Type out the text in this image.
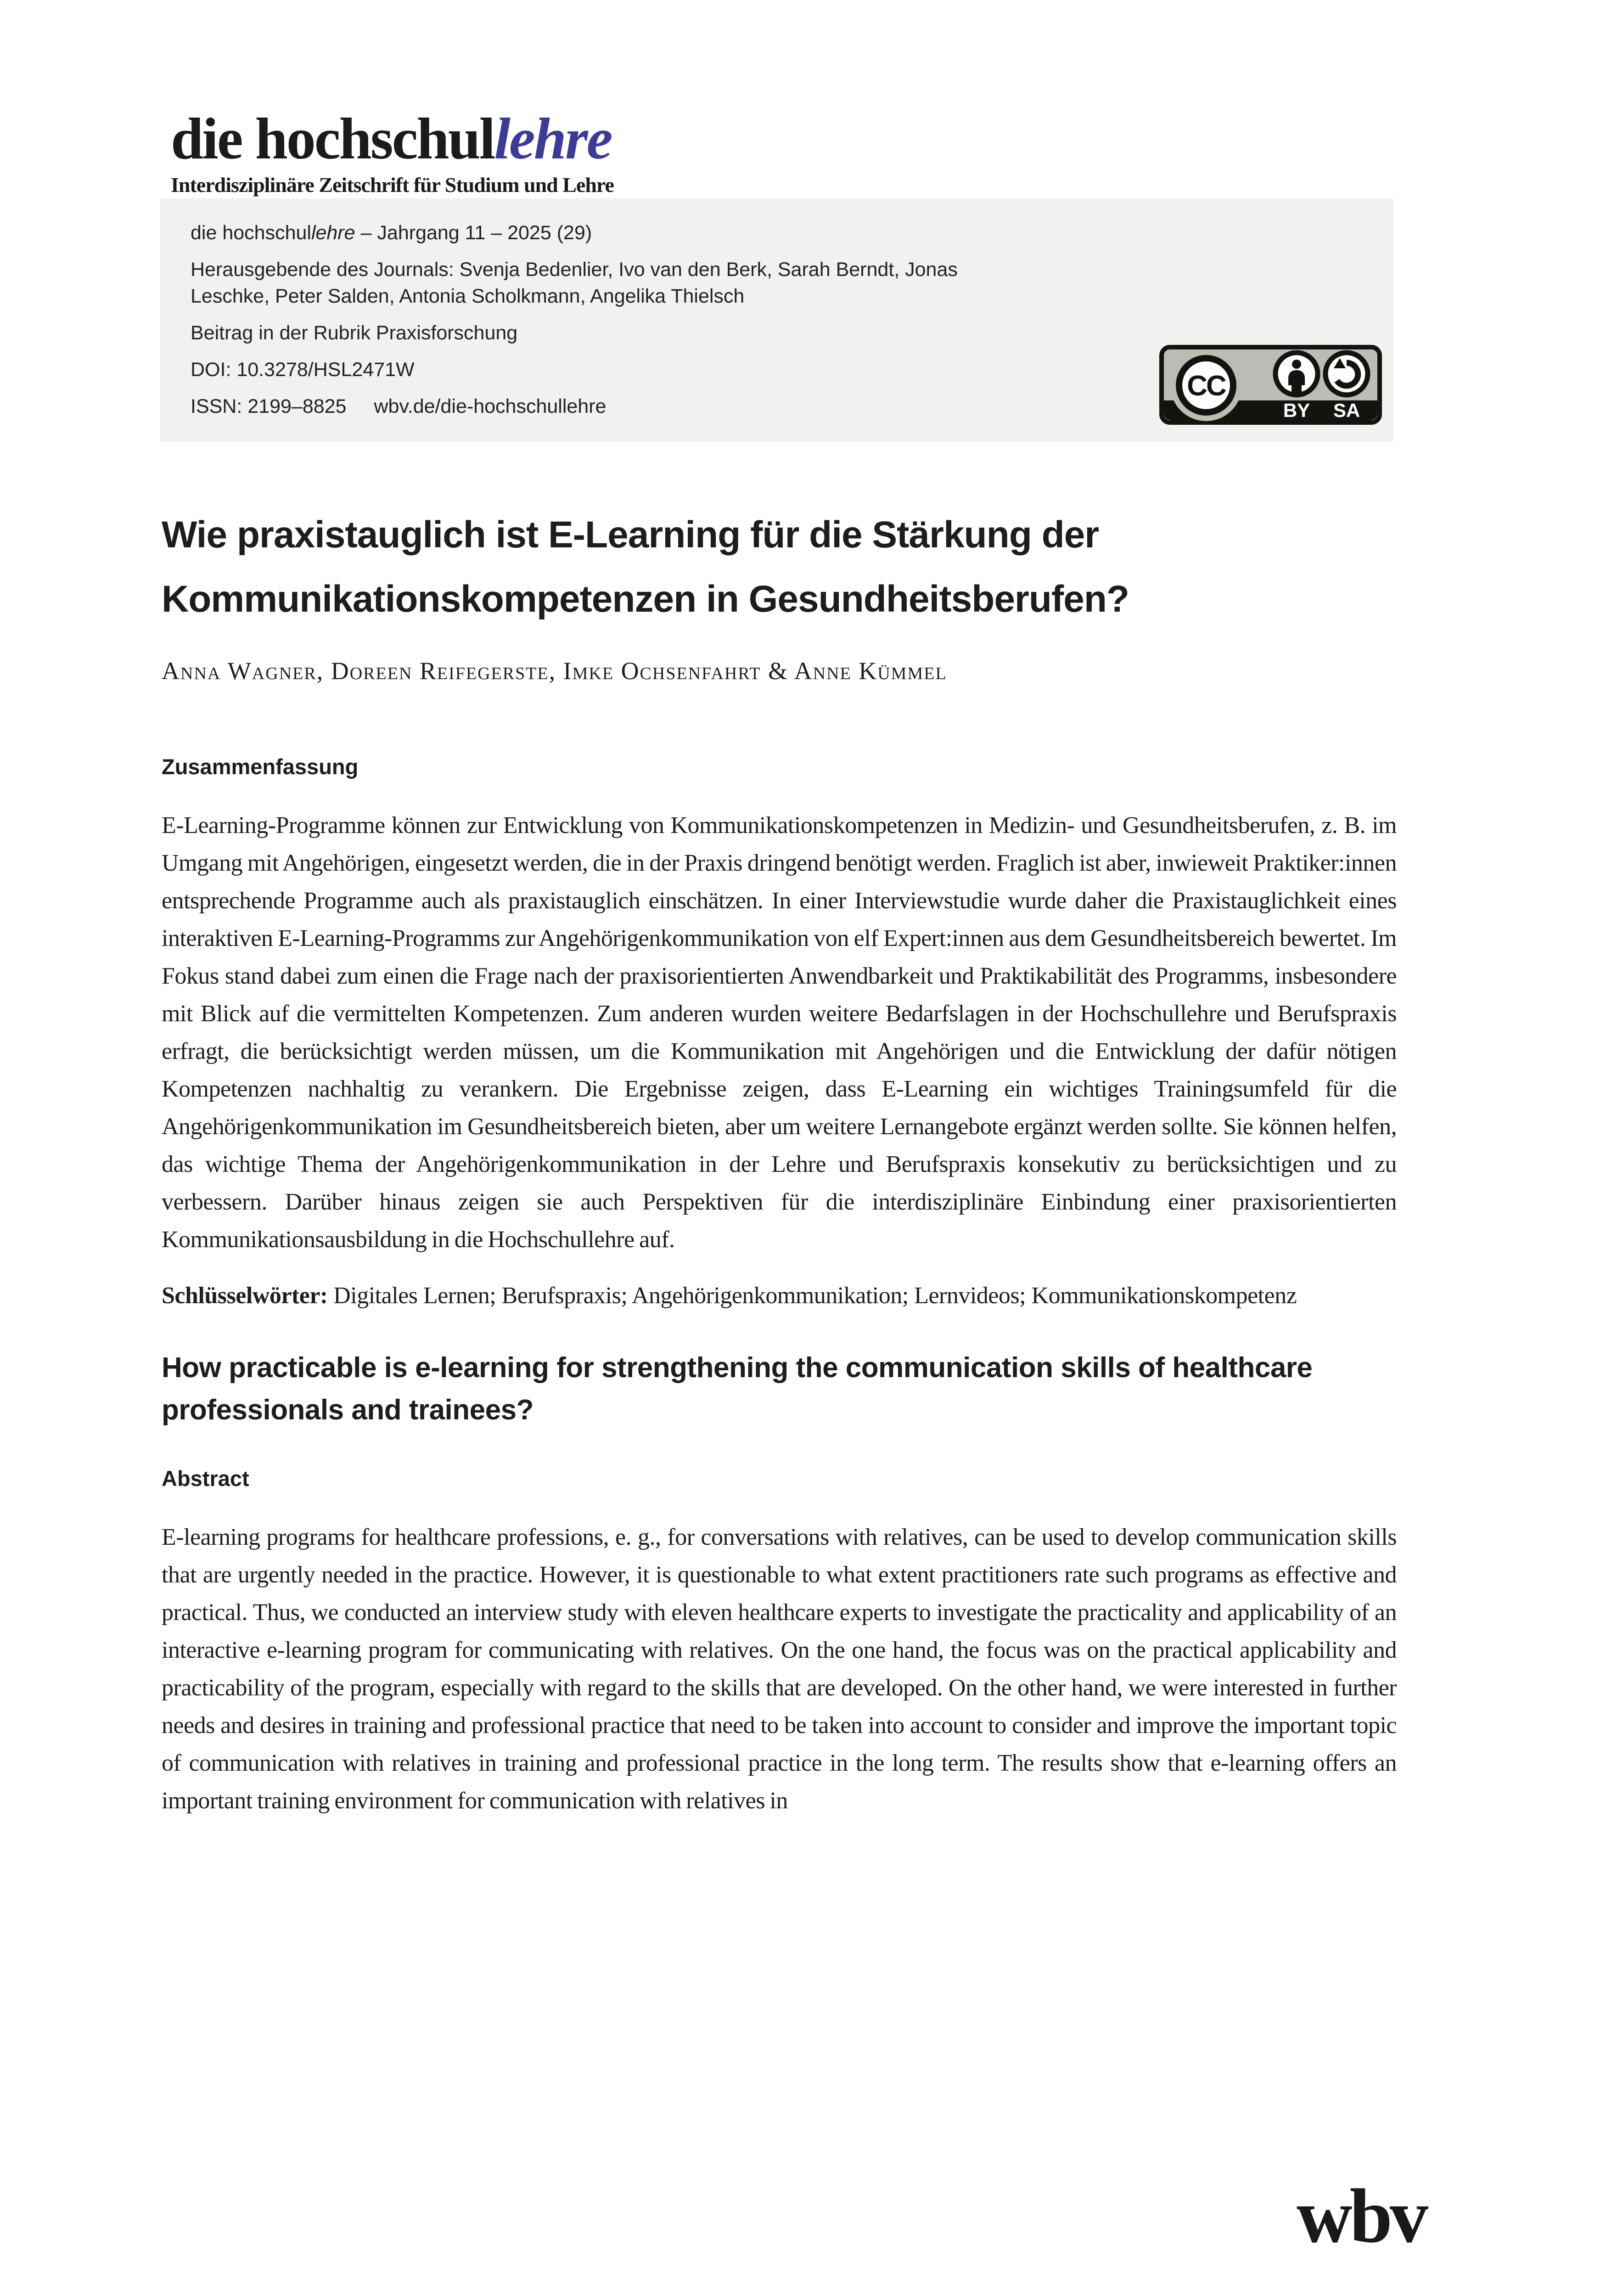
die hochschullehre
Interdisziplinäre Zeitschrift für Studium und Lehre
die hochschullehre – Jahrgang 11 – 2025 (29)
Herausgebende des Journals: Svenja Bedenlier, Ivo van den Berk, Sarah Berndt, Jonas Leschke, Peter Salden, Antonia Scholkmann, Angelika Thielsch
Beitrag in der Rubrik Praxisforschung
DOI: 10.3278/HSL2471W
ISSN: 2199–8825 wbv.de/die-hochschullehre
CC
BY SA
Wie praxistauglich ist E-Learning für die Stärkung der Kommunikationskompetenzen in Gesundheitsberufen?
Anna Wagner, Doreen Reifegerste, Imke Ochsenfahrt & Anne Kümmel
Zusammenfassung

E-Learning-Programme können zur Entwicklung von Kommunikationskompetenzen in Medizin- und Gesundheitsberufen, z. B. im Umgang mit Angehörigen, eingesetzt werden, die in der Praxis dringend benötigt werden. Fraglich ist aber, inwieweit Praktiker:innen entsprechende Programme auch als praxistauglich einschätzen. In einer Interviewstudie wurde daher die Praxistauglichkeit eines interaktiven E-Learning-Programms zur Angehörigenkommunikation von elf Expert:innen aus dem Gesundheitsbereich bewertet. Im Fokus stand dabei zum einen die Frage nach der praxisorientierten Anwendbarkeit und Praktikabilität des Programms, insbesondere mit Blick auf die vermittelten Kompetenzen. Zum anderen wurden weitere Bedarfslagen in der Hochschullehre und Berufspraxis erfragt, die berücksichtigt werden müssen, um die Kommunikation mit Angehörigen und die Entwicklung der dafür nötigen Kompetenzen nachhaltig zu verankern. Die Ergebnisse zeigen, dass E-Learning ein wichtiges Trainingsumfeld für die Angehörigenkommunikation im Gesundheitsbereich bieten, aber um weitere Lernangebote ergänzt werden sollte. Sie können helfen, das wichtige Thema der Angehörigenkommunikation in der Lehre und Berufspraxis konsekutiv zu berücksichtigen und zu verbessern. Darüber hinaus zeigen sie auch Perspektiven für die interdisziplinäre Einbindung einer praxisorientierten Kommunikationsausbildung in die Hochschullehre auf.

Schlüsselwörter: Digitales Lernen; Berufspraxis; Angehörigenkommunikation; Lernvideos; Kommunikationskompetenz

How practicable is e-learning for strengthening the communication skills of healthcare professionals and trainees?
Abstract

E-learning programs for healthcare professions, e. g., for conversations with relatives, can be used to develop communication skills that are urgently needed in the practice. However, it is questionable to what extent practitioners rate such programs as effective and practical. Thus, we conducted an interview study with eleven healthcare experts to investigate the practicality and applicability of an interactive e-learning program for communicating with relatives. On the one hand, the focus was on the practical applicability and practicability of the program, especially with regard to the skills that are developed. On the other hand, we were interested in further needs and desires in training and professional practice that need to be taken into account to consider and improve the important topic of communication with relatives in training and professional practice in the long term. The results show that e-learning offers an important training environment for communication with relatives in

wbv
